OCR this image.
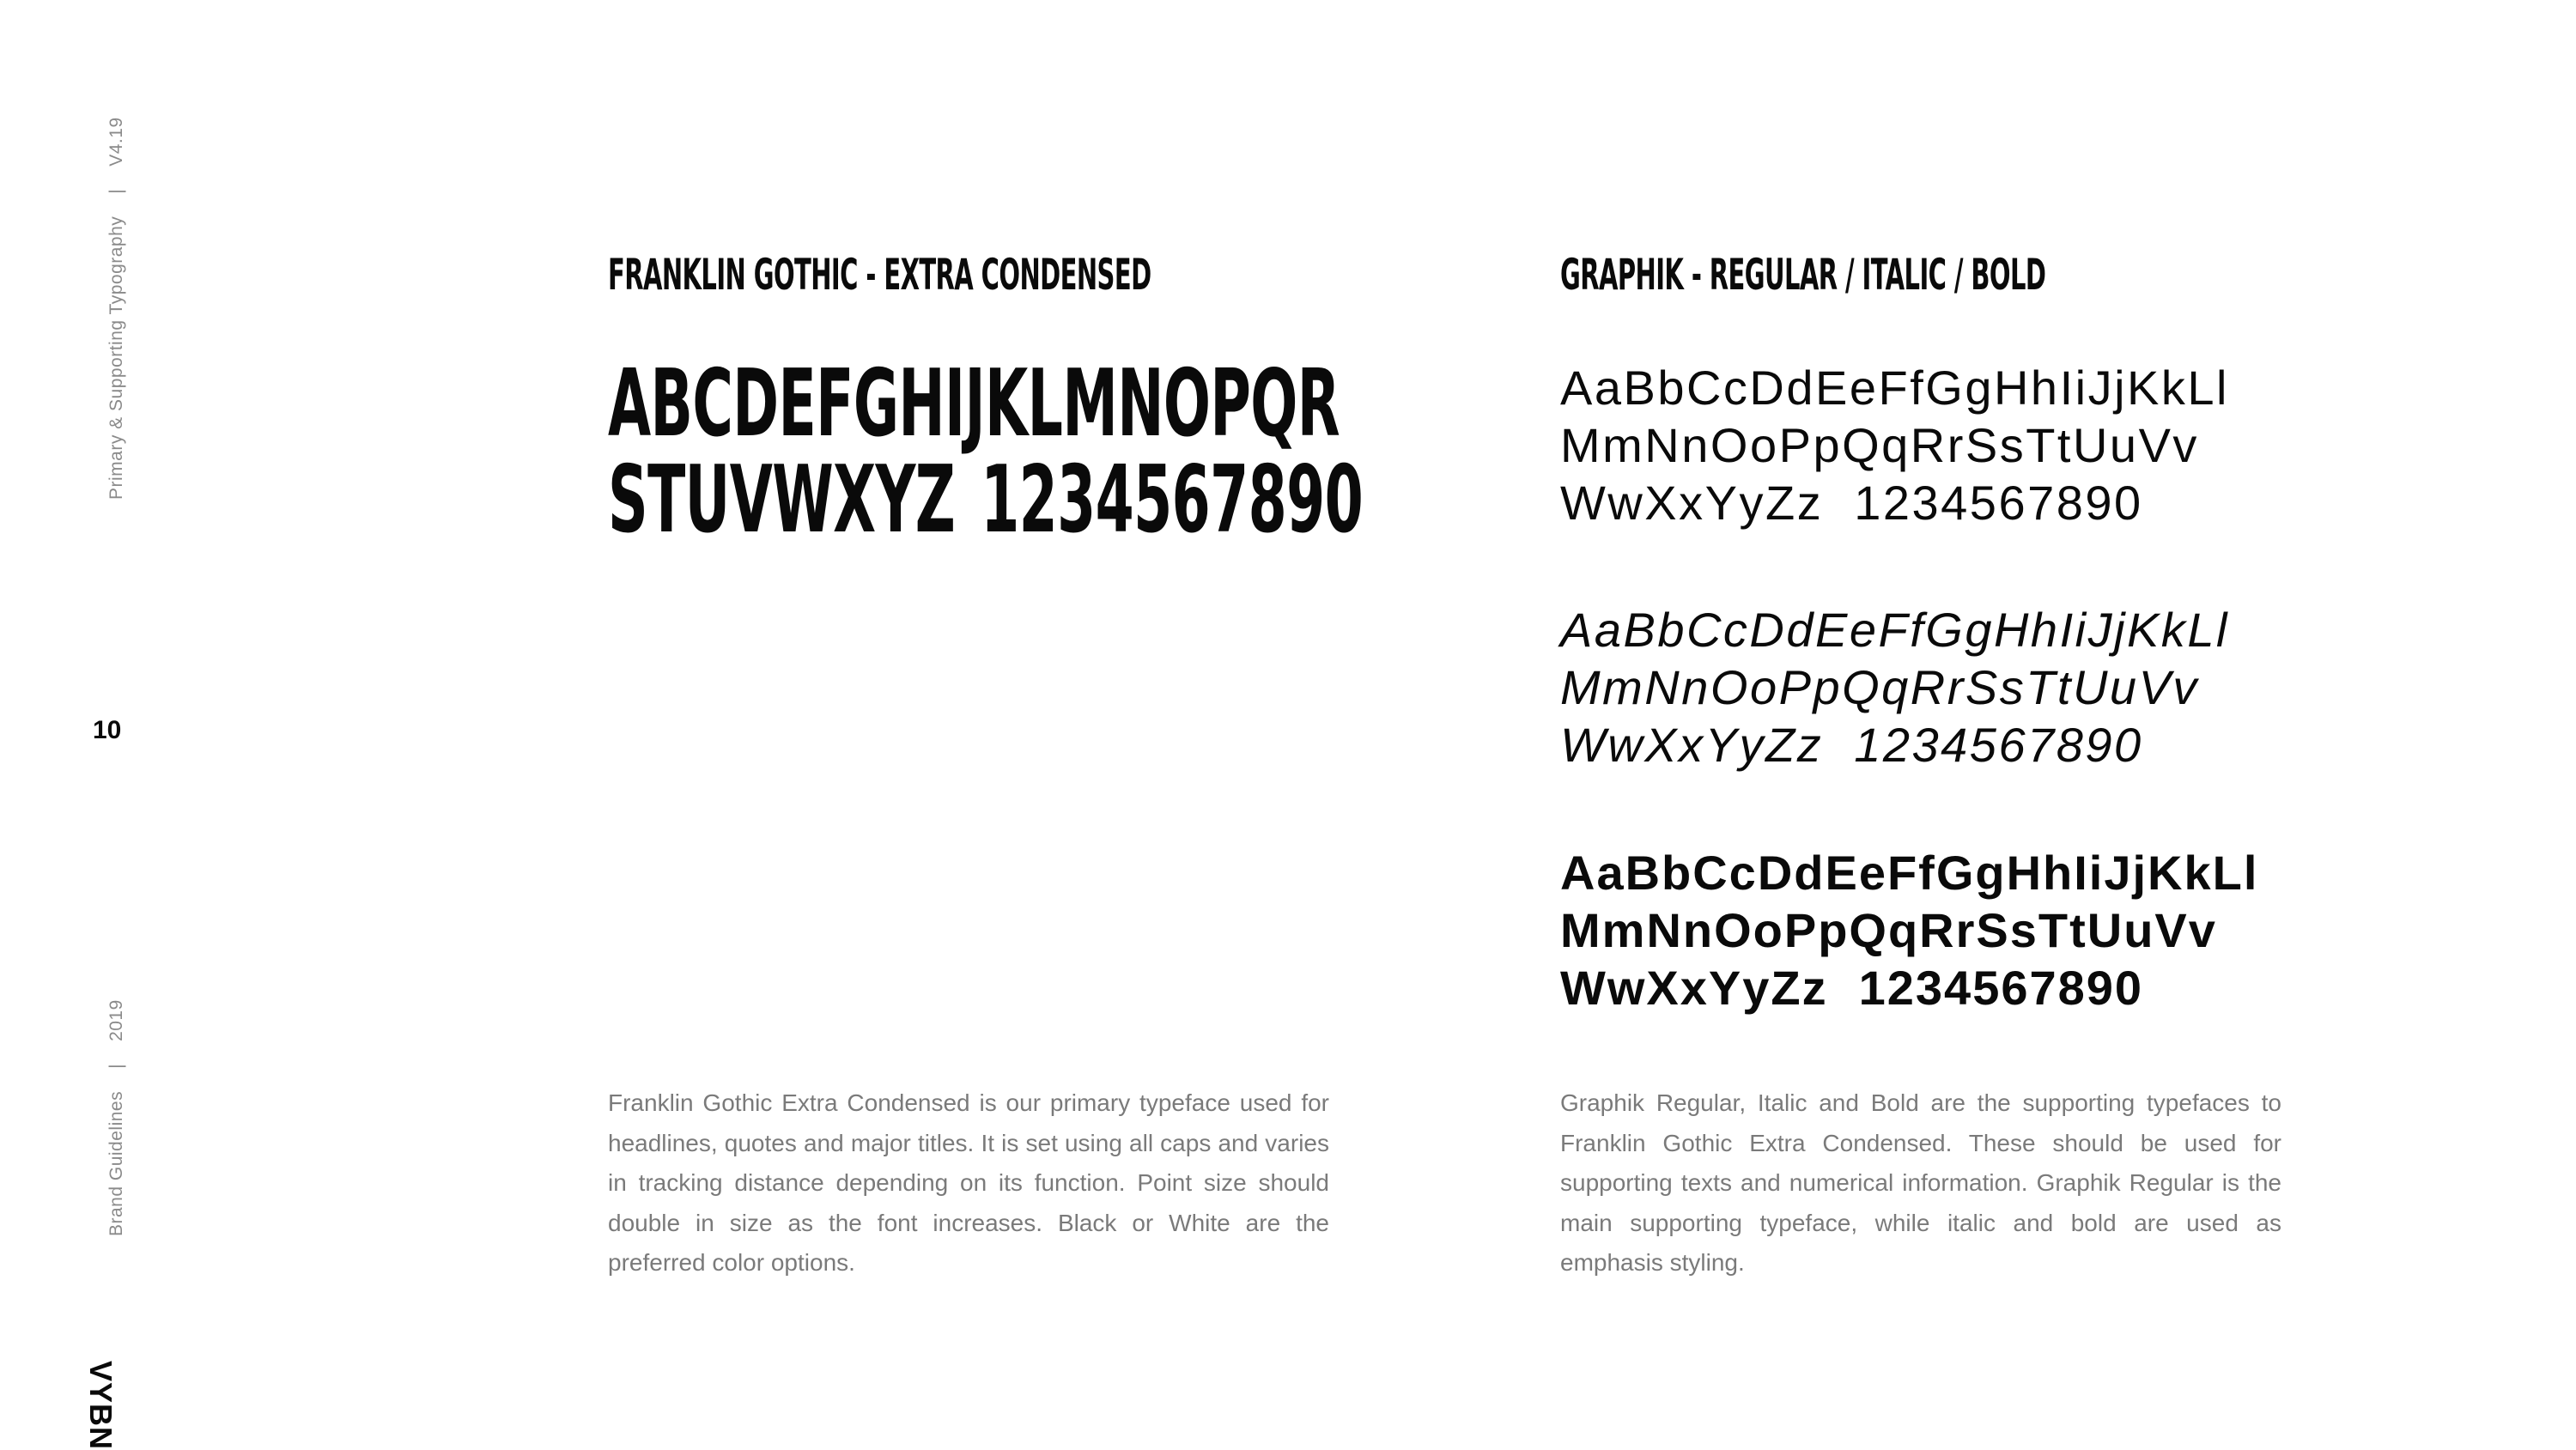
Primary & Supporting Typography|V4.19
10
Brand Guidelines|2019
VYBN
FRANKLIN GOTHIC - EXTRA CONDENSED
ABCDEFGHIJKLMNOPQR
STUVWXYZ 1234567890

Franklin Gothic Extra Condensed is our primary typeface used for headlines, quotes and major titles. It is set using all caps and varies in tracking distance depending on its function. Point size should double in size as the font increases. Black or White are the preferred color options.

GRAPHIK - REGULAR / ITALIC / BOLD
AaBbCcDdEeFfGgHhIiJjKkLl
MmNnOoPpQqRrSsTtUuVv
WwXxYyZz 1234567890
AaBbCcDdEeFfGgHhIiJjKkLl
MmNnOoPpQqRrSsTtUuVv
WwXxYyZz 1234567890
AaBbCcDdEeFfGgHhIiJjKkLl
MmNnOoPpQqRrSsTtUuVv
WwXxYyZz 1234567890

Graphik Regular, Italic and Bold are the supporting typefaces to Franklin Gothic Extra Condensed. These should be used for supporting texts and numerical information. Graphik Regular is the main supporting typeface, while italic and bold are used as emphasis styling.
